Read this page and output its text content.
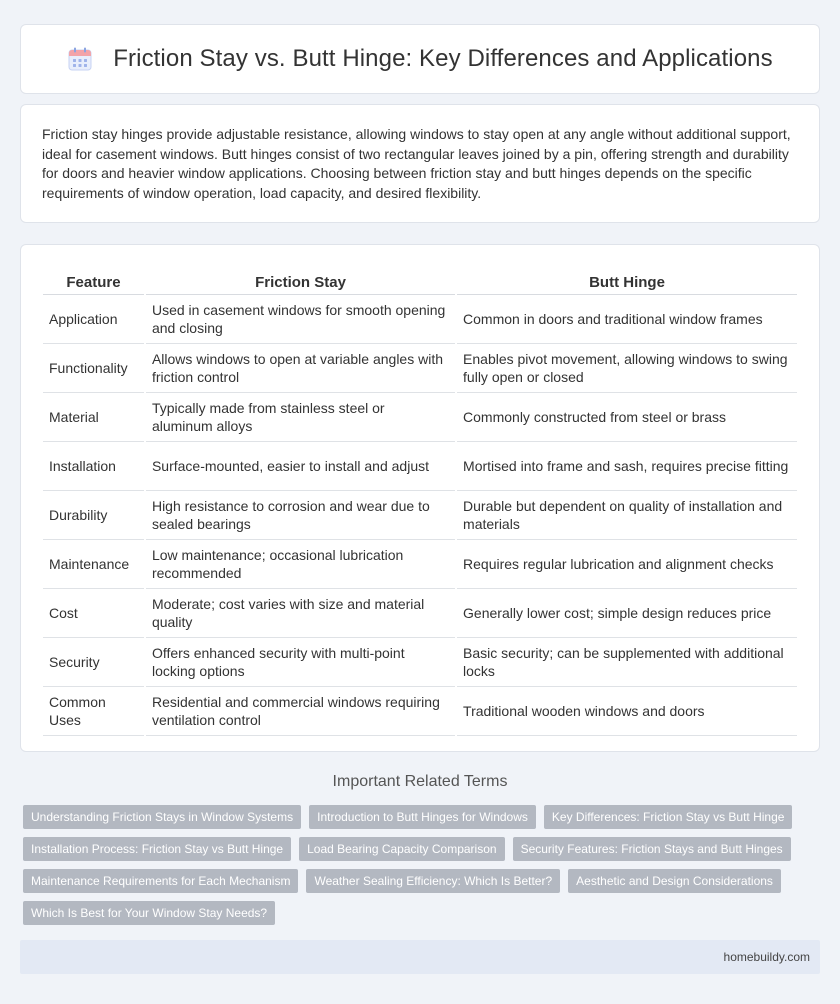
Friction Stay vs. Butt Hinge: Key Differences and Applications

Friction stay hinges provide adjustable resistance, allowing windows to stay open at any angle without additional support, ideal for casement windows. Butt hinges consist of two rectangular leaves joined by a pin, offering strength and durability for doors and heavier window applications. Choosing between friction stay and butt hinges depends on the specific requirements of window operation, load capacity, and desired flexibility.

Feature	Friction Stay	Butt Hinge
Application	Used in casement windows for smooth opening and closing	Common in doors and traditional window frames
Functionality	Allows windows to open at variable angles with friction control	Enables pivot movement, allowing windows to swing fully open or closed
Material	Typically made from stainless steel or aluminum alloys	Commonly constructed from steel or brass
Installation	Surface-mounted, easier to install and adjust	Mortised into frame and sash, requires precise fitting
Durability	High resistance to corrosion and wear due to sealed bearings	Durable but dependent on quality of installation and materials
Maintenance	Low maintenance; occasional lubrication recommended	Requires regular lubrication and alignment checks
Cost	Moderate; cost varies with size and material quality	Generally lower cost; simple design reduces price
Security	Offers enhanced security with multi-point locking options	Basic security; can be supplemented with additional locks
Common Uses	Residential and commercial windows requiring ventilation control	Traditional wooden windows and doors
Important Related Terms
Understanding Friction Stays in Window Systems	Introduction to Butt Hinges for Windows	Key Differences: Friction Stay vs Butt Hinge
Installation Process: Friction Stay vs Butt Hinge	Load Bearing Capacity Comparison	Security Features: Friction Stays and Butt Hinges
Maintenance Requirements for Each Mechanism	Weather Sealing Efficiency: Which Is Better?	Aesthetic and Design Considerations
Which Is Best for Your Window Stay Needs?
homebuildy.com
